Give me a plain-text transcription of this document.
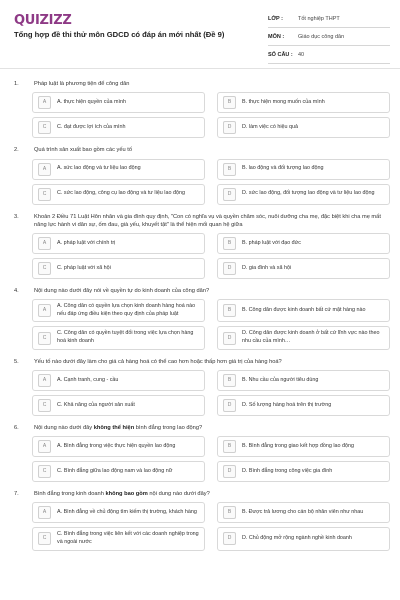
QUIZIZZ
Tổng hợp đề thi thử môn GDCD có đáp án mới nhất (Đề 9)
LỚP :	Tốt nghiệp THPT
MÔN :	Giáo dục công dân
SỐ CÂU : 40
1.	Pháp luật là phương tiện để công dân
A	A. thực hiện quyền của mình	B	B. thực hiện mong muốn của mình
C	C. đạt được lợi ích của mình	D	D. làm việc có hiệu quả
2.	Quá trình sản xuất bao gồm các yếu tố
A	A. sức lao động và tư liệu lao động	B	B. lao động và đối tượng lao động
C	C. sức lao động, công cụ lao động và tư liệu lao động	D	D. sức lao động, đối tượng lao động và tư liệu lao động
3.	Khoản 2 Điều 71 Luật Hôn nhân và gia đình quy định, "Con có nghĩa vụ và quyền chăm sóc, nuôi dưỡng cha mẹ, đặc biệt khi cha mẹ mất năng lực hành vi dân sự, ốm đau, già yếu, khuyết tật" là thể hiện mối quan hệ giữa
A	A. pháp luật với chính trị	B	B. pháp luật với đạo đức
C	C. pháp luật với xã hội	D	D. gia đình và xã hội
4.	Nội dung nào dưới đây nói về quyền tự do kinh doanh của công dân?
A
A. Công dân có quyền lựa chọn kinh doanh hàng hoá nào nếu đáp ứng điều kiện theo quy định của pháp luật
B	B. Công dân được kinh doanh bất cứ mặt hàng nào
C
C. Công dân có quyền tuyệt đối trong việc lựa chọn hàng hoá kinh doanh
D
D. Công dân được kinh doanh ở bất cứ lĩnh vực nào theo nhu cầu của mình…
5.	Yếu tố nào dưới đây làm cho giá cả hàng hoá có thể cao hơn hoặc thấp hơn giá trị của hàng hoá?
A	A. Cạnh tranh, cung - cầu	B	B. Nhu cầu của người tiêu dùng
C	C. Khả năng của người sản xuất	D	D. Số lượng hàng hoá trên thị trường
6.	Nội dung nào dưới đây không thể hiện bình đẳng trong lao động?
A	A. Bình đẳng trong việc thực hiện quyền lao động	B	B. Bình đẳng trong giao kết hợp đồng lao động
C	C. Bình đẳng giữa lao động nam và lao động nữ	D	D. Bình đẳng trong công việc gia đình
7.	Bình đẳng trong kinh doanh không bao gồm nội dung nào dưới đây?
A	A. Bình đẳng về chủ động tìm kiếm thị trường, khách hàng	B	B. Được trả lương cho cán bộ nhân viên như nhau
C
C. Bình đẳng trong việc liên kết với các doanh nghiệp trong và ngoài nước
D	D. Chủ động mở rộng ngành nghề kinh doanh
